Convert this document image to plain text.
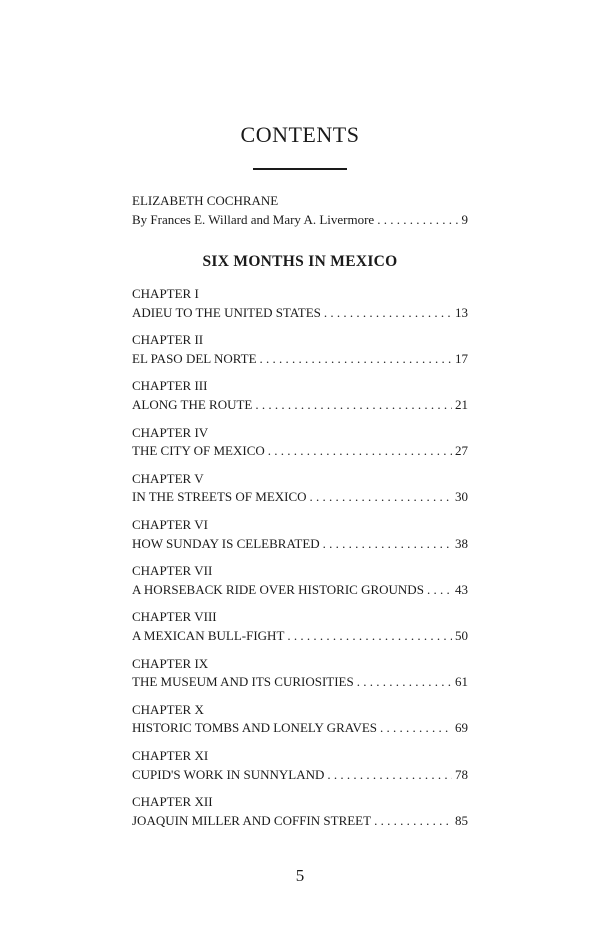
CONTENTS
ELIZABETH COCHRANE
By Frances E. Willard and Mary A. Livermore . . .	9
SIX MONTHS IN MEXICO
CHAPTER I
ADIEU TO THE UNITED STATES . . .	13
CHAPTER II
EL PASO DEL NORTE . . .	17
CHAPTER III
ALONG THE ROUTE . . .	21
CHAPTER IV
THE CITY OF MEXICO . . .	27
CHAPTER V
IN THE STREETS OF MEXICO . . .	30
CHAPTER VI
HOW SUNDAY IS CELEBRATED . . .	38
CHAPTER VII
A HORSEBACK RIDE OVER HISTORIC GROUNDS . . . 43
CHAPTER VIII
A MEXICAN BULL-FIGHT . . .	50
CHAPTER IX
THE MUSEUM AND ITS CURIOSITIES . . .	61
CHAPTER X
HISTORIC TOMBS AND LONELY GRAVES . . .	69
CHAPTER XI
CUPID'S WORK IN SUNNYLAND . . .	78
CHAPTER XII
JOAQUIN MILLER AND COFFIN STREET . . .	85
5
